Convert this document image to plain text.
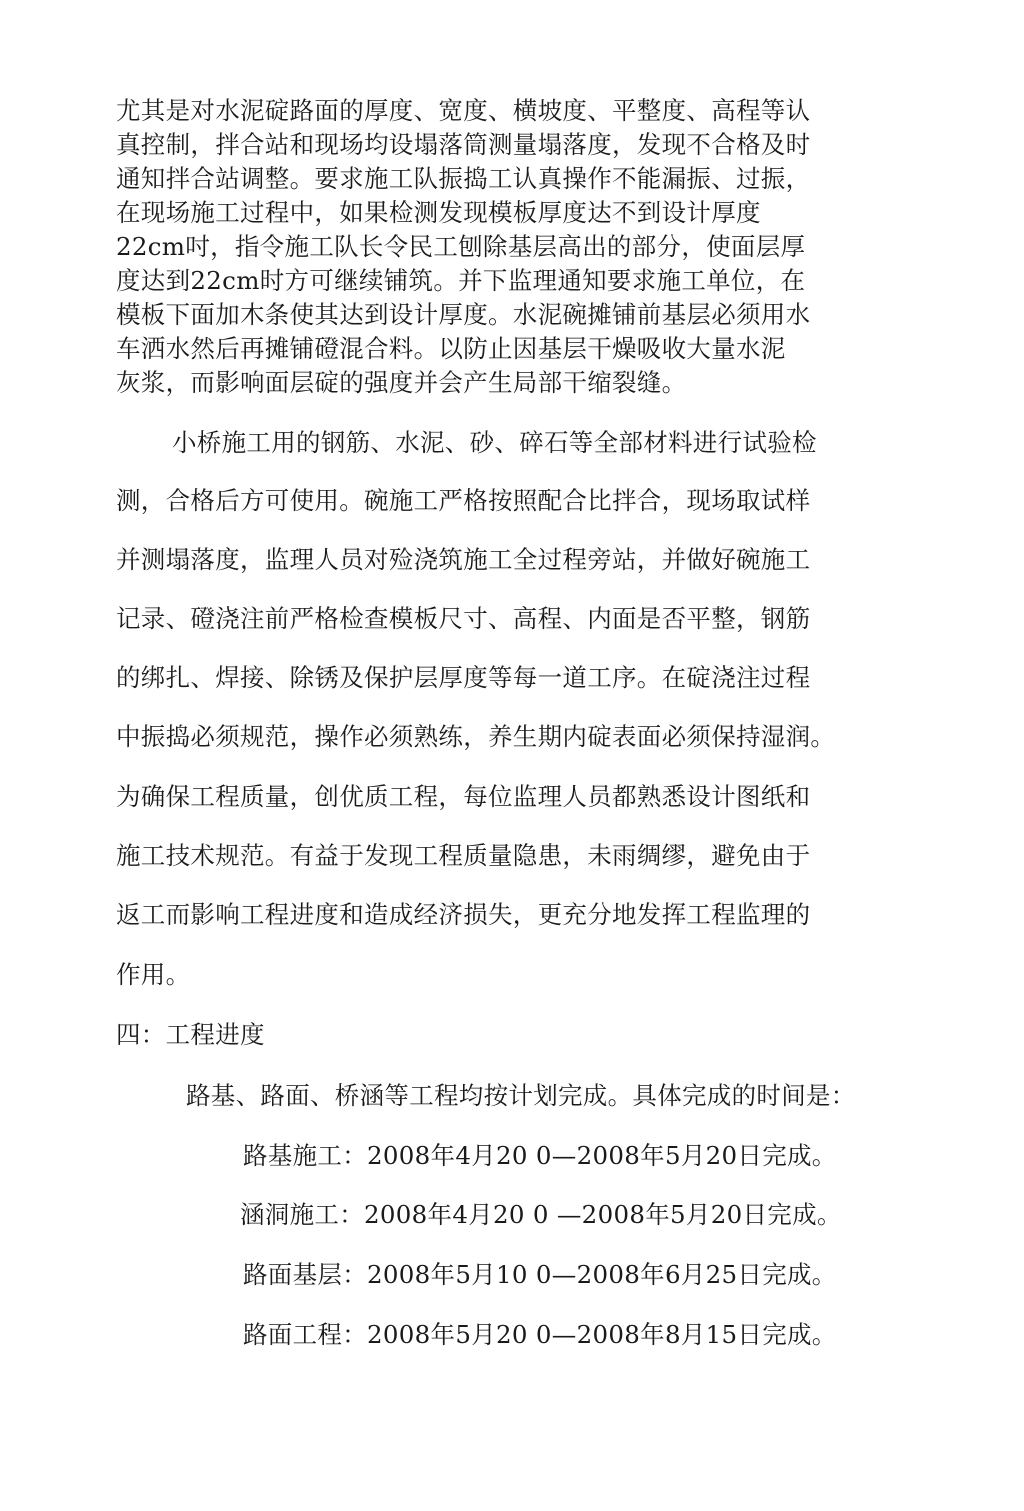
尤其是对水泥碇路面的厚度、宽度、横坡度、平整度、高程等认
真控制，拌合站和现场均设塌落筒测量塌落度，发现不合格及时
通知拌合站调整。要求施工队振捣工认真操作不能漏振、过振，
在现场施工过程中，如果检测发现模板厚度达不到设计厚度
22cm吋，指令施工队长令民工刨除基层高出的部分，使面层厚
度达到22cm时方可继续铺筑。并下监理通知要求施工单位，在
模板下面加木条使其达到设计厚度。水泥碗摊铺前基层必须用水
车洒水然后再摊铺磴混合料。以防止因基层干燥吸收大量水泥
灰浆，而影响面层碇的强度并会产生局部干缩裂缝。
小桥施工用的钢筋、水泥、砂、碎石等全部材料进行试验检
测，合格后方可使用。碗施工严格按照配合比拌合，现场取试样
并测塌落度，监理人员对殓浇筑施工全过程旁站，并做好碗施工
记录、磴浇注前严格检查模板尺寸、高程、内面是否平整，钢筋
的绑扎、焊接、除锈及保护层厚度等每一道工序。在碇浇注过程
中振捣必须规范，操作必须熟练，养生期内碇表面必须保持湿润。
为确保工程质量，创优质工程，每位监理人员都熟悉设计图纸和
施工技术规范。有益于发现工程质量隐患，未雨绸缪，避免由于
返工而影响工程进度和造成经济损失，更充分地发挥工程监理的
作用。
四：工程进度
路基、路面、桥涵等工程均按计划完成。具体完成的时间是：
路基施工：2008年4月20 0—2008年5月20日完成。
涵洞施工：2008年4月20 0 —2008年5月20日完成。
路面基层：2008年5月10 0—2008年6月25日完成。
路面工程：2008年5月20 0—2008年8月15日完成。
